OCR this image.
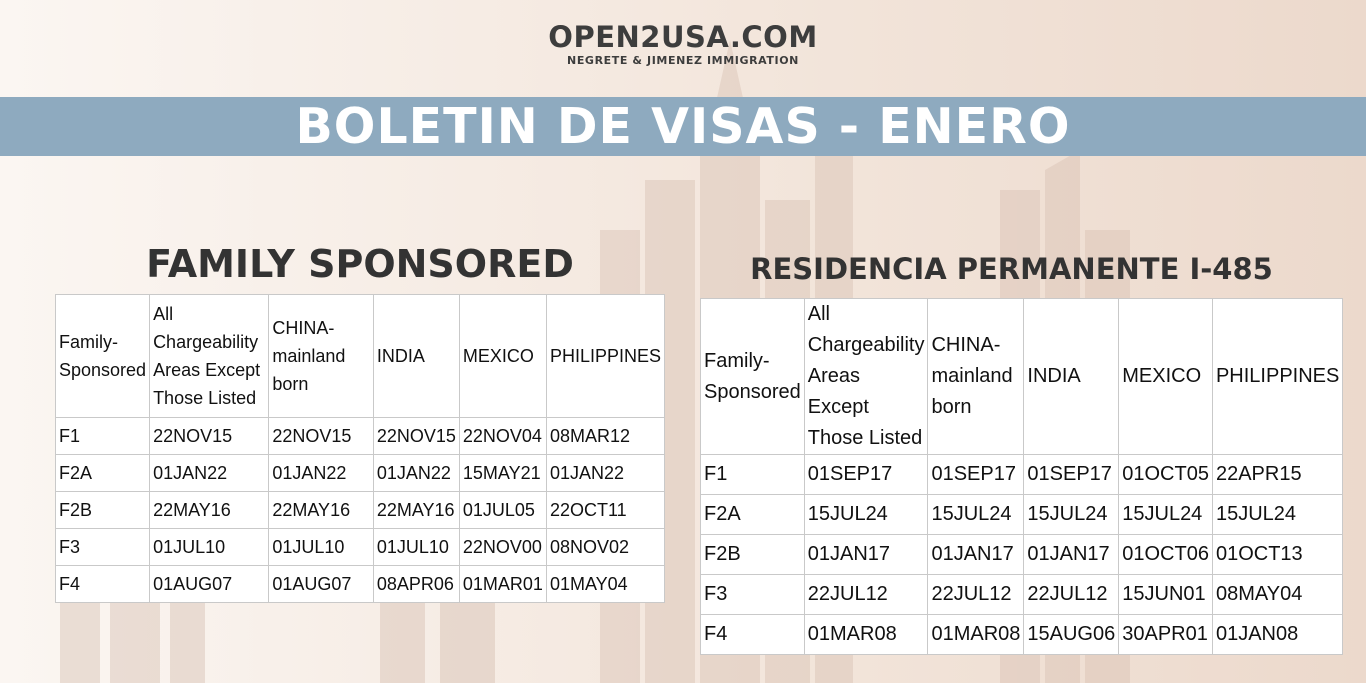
OPEN2USA.COM
NEGRETE & JIMENEZ IMMIGRATION
BOLETIN DE VISAS - ENERO
FAMILY SPONSORED	RESIDENCIA PERMANENTE I-485
Family-Sponsored	All Chargeability Areas Except Those Listed	CHINA-mainland born	INDIA	MEXICO	PHILIPPINES
F1	22NOV15	22NOV15	22NOV15	22NOV04	08MAR12
F2A	01JAN22	01JAN22	01JAN22	15MAY21	01JAN22
F2B	22MAY16	22MAY16	22MAY16	01JUL05	22OCT11
F3	01JUL10	01JUL10	01JUL10	22NOV00	08NOV02
F4	01AUG07	01AUG07	08APR06	01MAR01	01MAY04
Family-Sponsored	All Chargeability Areas Except Those Listed	CHINA-mainland born	INDIA	MEXICO	PHILIPPINES
F1	01SEP17	01SEP17	01SEP17	01OCT05	22APR15
F2A	15JUL24	15JUL24	15JUL24	15JUL24	15JUL24
F2B	01JAN17	01JAN17	01JAN17	01OCT06	01OCT13
F3	22JUL12	22JUL12	22JUL12	15JUN01	08MAY04
F4	01MAR08	01MAR08	15AUG06	30APR01	01JAN08
